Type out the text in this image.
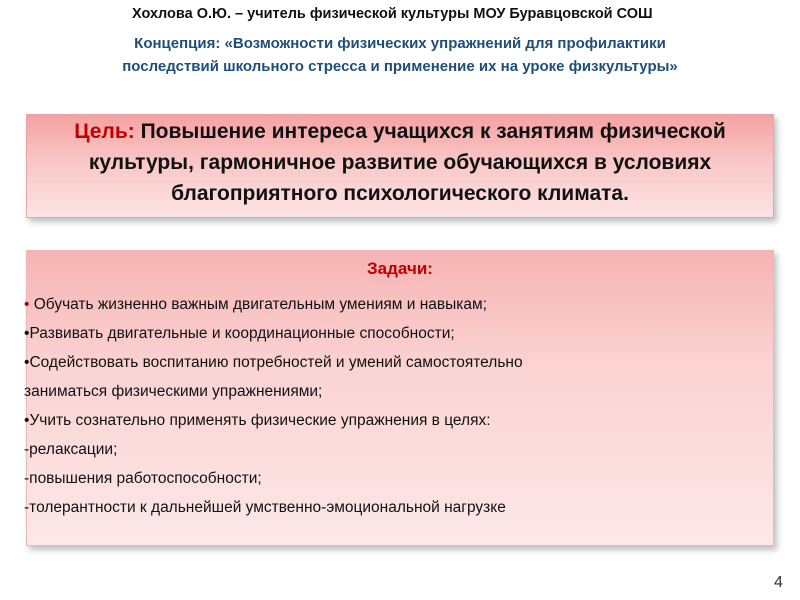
Хохлова О.Ю. – учитель физической культуры МОУ Буравцовской СОШ
Концепция: «Возможности физических упражнений для профилактики
последствий школьного стресса и применение их на уроке физкультуры»
Цель: Повышение интереса учащихся к занятиям физической культуры, гармоничное развитие обучающихся в условиях благоприятного психологического климата.
Задачи:
• Обучать жизненно важным двигательным умениям и навыкам;
•Развивать двигательные и координационные способности;
•Содействовать воспитанию потребностей и умений самостоятельно
заниматься физическими упражнениями;
•Учить сознательно применять физические упражнения в целях:
-релаксации;
-повышения работоспособности;
-толерантности к дальнейшей умственно-эмоциональной нагрузке
4
